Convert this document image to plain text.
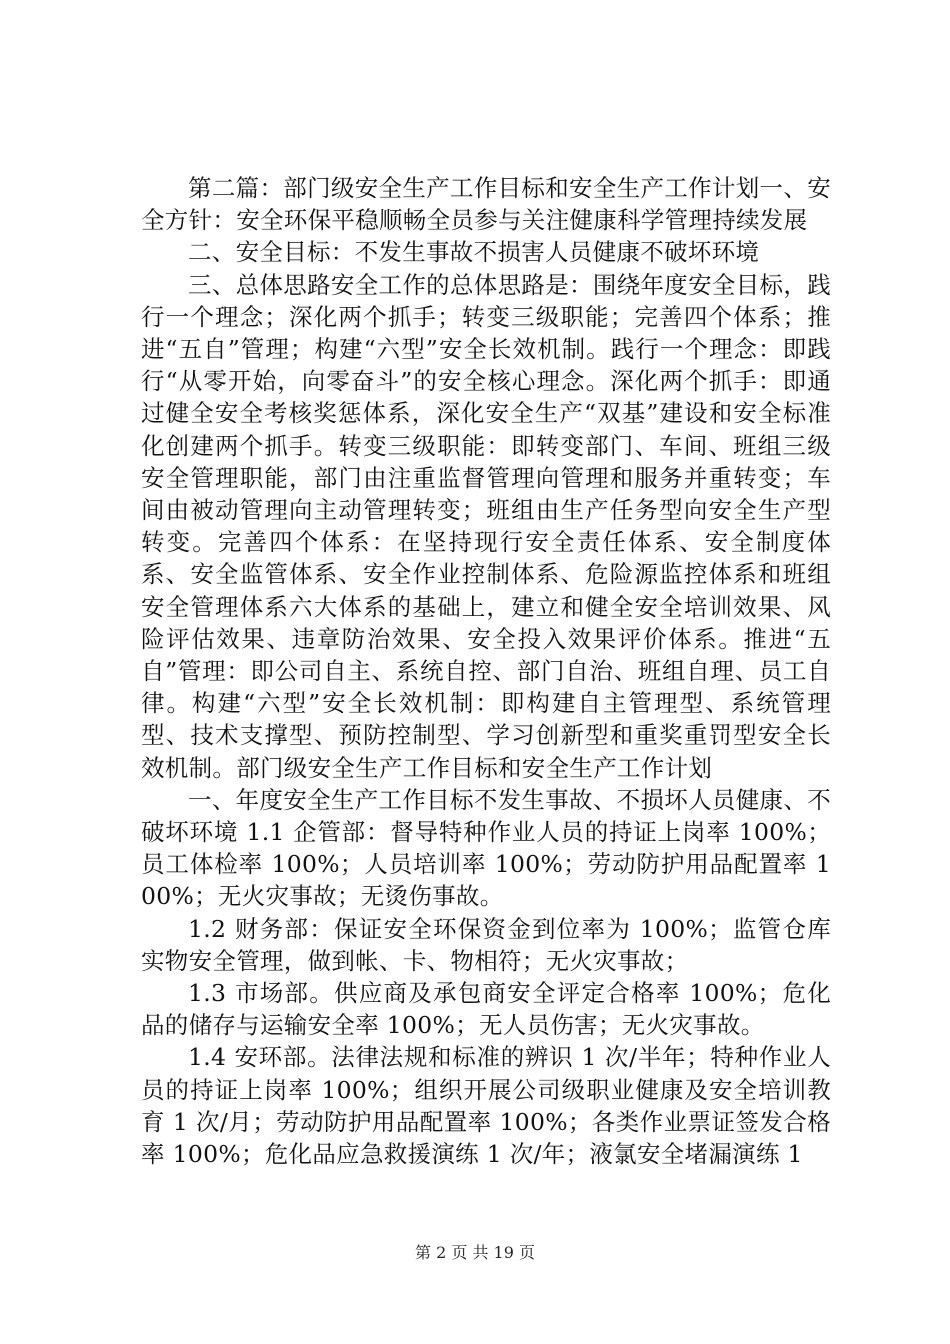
第二篇：部门级安全生产工作目标和安全生产工作计划一、安全方针：安全环保平稳顺畅全员参与关注健康科学管理持续发展

二、安全目标：不发生事故不损害人员健康不破坏环境

三、总体思路安全工作的总体思路是：围绕年度安全目标，践行一个理念；深化两个抓手；转变三级职能；完善四个体系；推进“五自”管理；构建“六型”安全长效机制。践行一个理念：即践行“从零开始，向零奋斗”的安全核心理念。深化两个抓手：即通过健全安全考核奖惩体系，深化安全生产“双基”建设和安全标准化创建两个抓手。转变三级职能：即转变部门、车间、班组三级安全管理职能，部门由注重监督管理向管理和服务并重转变；车间由被动管理向主动管理转变；班组由生产任务型向安全生产型转变。完善四个体系：在坚持现行安全责任体系、安全制度体系、安全监管体系、安全作业控制体系、危险源监控体系和班组安全管理体系六大体系的基础上，建立和健全安全培训效果、风险评估效果、违章防治效果、安全投入效果评价体系。推进“五自”管理：即公司自主、系统自控、部门自治、班组自理、员工自律。构建“六型”安全长效机制：即构建自主管理型、系统管理型、技术支撑型、预防控制型、学习创新型和重奖重罚型安全长效机制。部门级安全生产工作目标和安全生产工作计划

一、年度安全生产工作目标不发生事故、不损坏人员健康、不破坏环境 1.1 企管部：督导特种作业人员的持证上岗率 100%；员工体检率 100%；人员培训率 100%；劳动防护用品配置率 100%；无火灾事故；无烫伤事故。

1.2 财务部：保证安全环保资金到位率为 100%；监管仓库实物安全管理，做到帐、卡、物相符；无火灾事故；

1.3 市场部。供应商及承包商安全评定合格率 100%；危化品的储存与运输安全率 100%；无人员伤害；无火灾事故。

1.4 安环部。法律法规和标准的辨识 1 次/半年；特种作业人员的持证上岗率 100%；组织开展公司级职业健康及安全培训教育 1 次/月；劳动防护用品配置率 100%；各类作业票证签发合格率 100%；危化品应急救援演练 1 次/年；液氯安全堵漏演练 1

第 2 页 共 19 页
